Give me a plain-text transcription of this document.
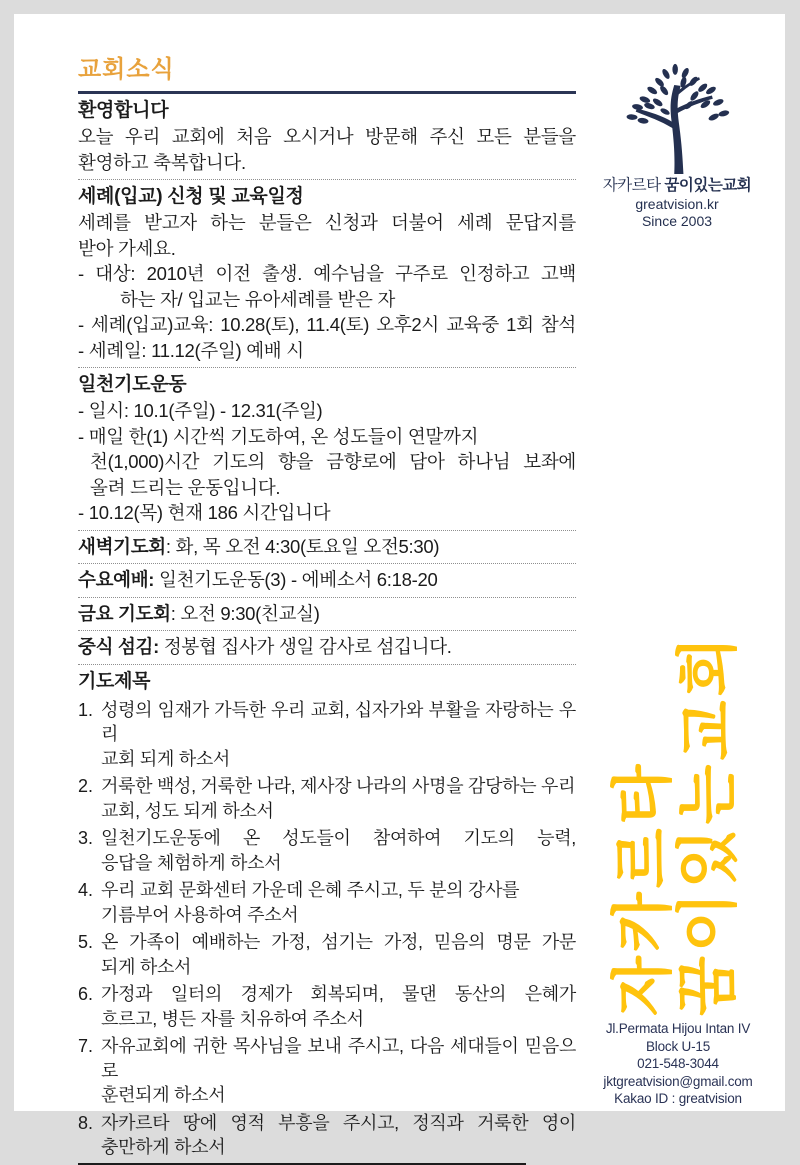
교회소식
환영합니다
오늘 우리 교회에 처음 오시거나 방문해 주신 모든 분들을
환영하고 축복합니다.
세례(입교) 신청 및 교육일정
세례를 받고자 하는 분들은 신청과 더불어 세례 문답지를
받아 가세요.
- 대상: 2010년 이전 출생. 예수님을 구주로 인정하고 고백
하는 자/ 입교는 유아세례를 받은 자
- 세례(입교)교육: 10.28(토), 11.4(토) 오후2시 교육중 1회 참석
- 세례일: 11.12(주일) 예배 시
일천기도운동
- 일시: 10.1(주일) - 12.31(주일)
- 매일 한(1) 시간씩 기도하여, 온 성도들이 연말까지
천(1,000)시간 기도의 향을 금향로에 담아 하나님 보좌에
올려 드리는 운동입니다.
- 10.12(목) 현재 186 시간입니다
새벽기도회: 화, 목 오전 4:30(토요일 오전5:30)
수요예배: 일천기도운동(3) - 에베소서 6:18-20
금요 기도회: 오전 9:30(친교실)
중식 섬김: 정봉협 집사가 생일 감사로 섬깁니다.
기도제목
1. 성령의 임재가 가득한 우리 교회, 십자가와 부활을 자랑하는 우리
교회 되게 하소서
2. 거룩한 백성, 거룩한 나라, 제사장 나라의 사명을 감당하는 우리
교회, 성도 되게 하소서
3. 일천기도운동에 온 성도들이 참여하여 기도의 능력,
응답을 체험하게 하소서
4. 우리 교회 문화센터 가운데 은혜 주시고, 두 분의 강사를
기름부어 사용하여 주소서
5. 온 가족이 예배하는 가정, 섬기는 가정, 믿음의 명문 가문
되게 하소서
6. 가정과 일터의 경제가 회복되며, 물댄 동산의 은혜가
흐르고, 병든 자를 치유하여 주소서
7. 자유교회에 귀한 목사님을 보내 주시고, 다음 세대들이 믿음으로
훈련되게 하소서
8. 자카르타 땅에 영적 부흥을 주시고, 정직과 거룩한 영이
충만하게 하소서
자카르타 꿈이있는교회
greatvision.kr
Since 2003
자카르타
꿈이있는교회
Jl.Permata Hijou Intan IV
Block U-15
021-548-3044
jktgreatvision@gmail.com
Kakao ID : greatvision
